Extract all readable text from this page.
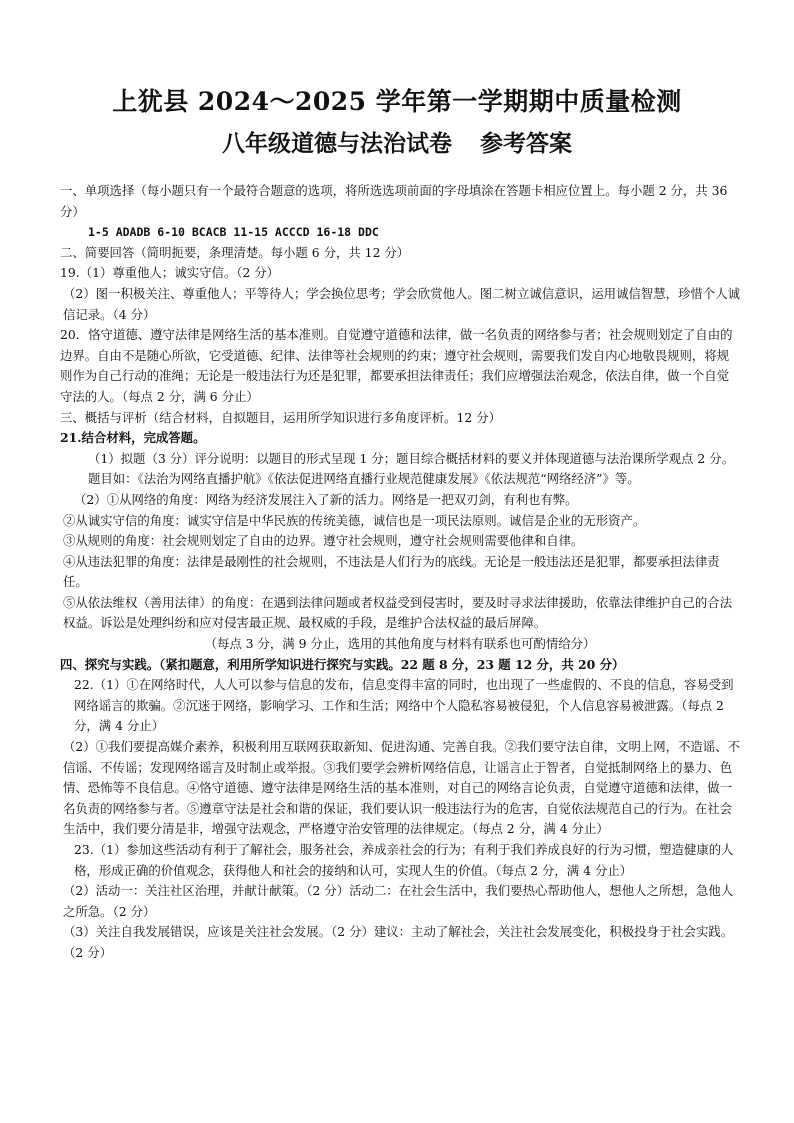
上犹县 2024～2025 学年第一学期期中质量检测
八年级道德与法治试卷 参考答案

一、单项选择（每小题只有一个最符合题意的选项，将所选选项前面的字母填涂在答题卡相应位置上。每小题 2 分，共 36 分）

1-5 ADADB 6-10 BCACB 11-15 ACCCD 16-18 DDC

二、简要回答（简明扼要，条理清楚。每小题 6 分，共 12 分）

19.（1）尊重他人；诚实守信。（2 分）

（2）图一积极关注、尊重他人；平等待人；学会换位思考；学会欣赏他人。图二树立诚信意识，运用诚信智慧，珍惜个人诚信记录。（4 分）

20．恪守道德、遵守法律是网络生活的基本准则。自觉遵守道德和法律，做一名负责的网络参与者；社会规则划定了自由的边界。自由不是随心所欲，它受道德、纪律、法律等社会规则的约束；遵守社会规则，需要我们发自内心地敬畏规则，将规则作为自己行动的准绳；无论是一般违法行为还是犯罪，都要承担法律责任；我们应增强法治观念，依法自律，做一个自觉守法的人。（每点 2 分，满 6 分止）

三、概括与评析（结合材料，自拟题目，运用所学知识进行多角度评析。12 分）

21.结合材料，完成答题。

（1）拟题（3 分）评分说明：以题目的形式呈现 1 分；题目综合概括材料的要义并体现道德与法治课所学观点 2 分。题目如：《法治为网络直播护航》《依法促进网络直播行业规范健康发展》《依法规范“网络经济”》等。

（2）①从网络的角度：网络为经济发展注入了新的活力。网络是一把双刃剑，有利也有弊。

②从诚实守信的角度：诚实守信是中华民族的传统美德，诚信也是一项民法原则。诚信是企业的无形资产。

③从规则的角度：社会规则划定了自由的边界。遵守社会规则，遵守社会规则需要他律和自律。

④从违法犯罪的角度：法律是最刚性的社会规则，不违法是人们行为的底线。无论是一般违法还是犯罪，都要承担法律责任。

⑤从依法维权（善用法律）的角度：在遇到法律问题或者权益受到侵害时，要及时寻求法律援助，依靠法律维护自己的合法权益。诉讼是处理纠纷和应对侵害最正规、最权威的手段，是维护合法权益的最后屏障。

（每点 3 分，满 9 分止，选用的其他角度与材料有联系也可酌情给分）

四、探究与实践。（紧扣题意，利用所学知识进行探究与实践。22 题 8 分，23 题 12 分，共 20 分）

22.（1）①在网络时代，人人可以参与信息的发布，信息变得丰富的同时，也出现了一些虚假的、不良的信息，容易受到网络谣言的欺骗。②沉迷于网络，影响学习、工作和生活；网络中个人隐私容易被侵犯，个人信息容易被泄露。（每点 2 分，满 4 分止）

（2）①我们要提高媒介素养，积极利用互联网获取新知、促进沟通、完善自我。②我们要守法自律，文明上网，不造谣、不信谣、不传谣；发现网络谣言及时制止或举报。③我们要学会辨析网络信息，让谣言止于智者，自觉抵制网络上的暴力、色情、恐怖等不良信息。④恪守道德、遵守法律是网络生活的基本准则，对自己的网络言论负责，自觉遵守道德和法律，做一名负责的网络参与者。⑤遵章守法是社会和谐的保证，我们要认识一般违法行为的危害，自觉依法规范自己的行为。在社会生活中，我们要分清是非，增强守法观念，严格遵守治安管理的法律规定。（每点 2 分，满 4 分止）

23.（1）参加这些活动有利于了解社会，服务社会，养成亲社会的行为；有利于我们养成良好的行为习惯，塑造健康的人格，形成正确的价值观念，获得他人和社会的接纳和认可，实现人生的价值。（每点 2 分，满 4 分止）

（2）活动一：关注社区治理，并献计献策。（2 分）活动二：在社会生活中，我们要热心帮助他人，想他人之所想，急他人之所急。（2 分）

（3）关注自我发展错误，应该是关注社会发展。（2 分）建议：主动了解社会，关注社会发展变化，积极投身于社会实践。（2 分）
